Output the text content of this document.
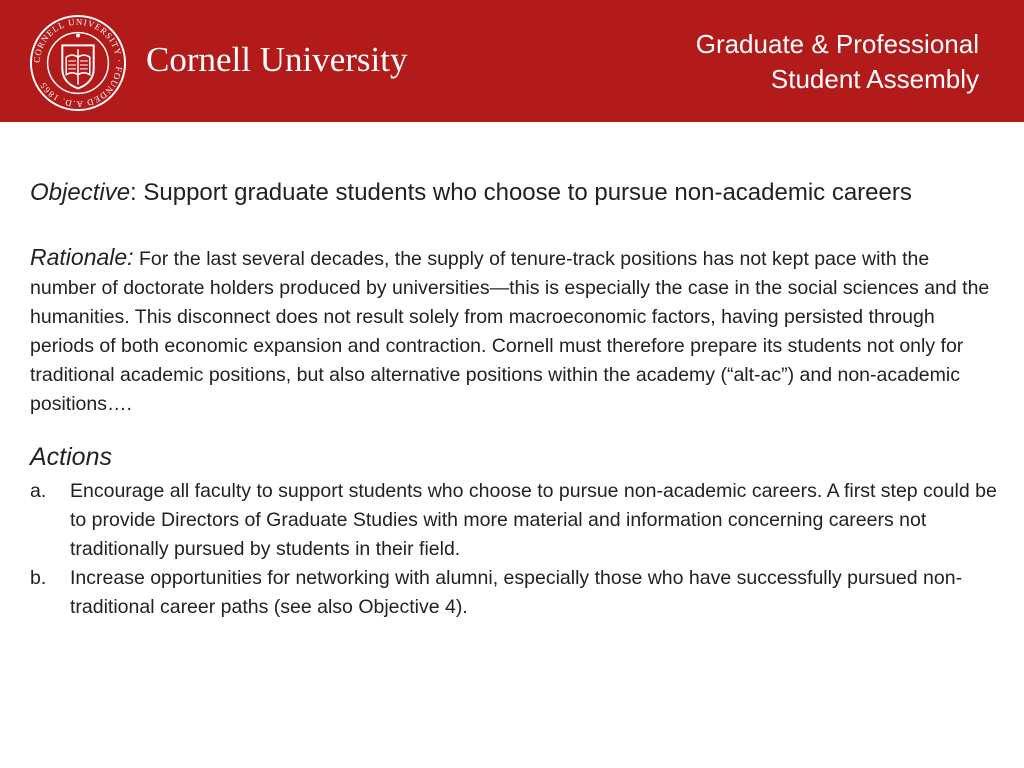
CORNELL UNIVERSITY · FOUNDED A.D. 1865
Cornell University	Graduate & Professional
Student Assembly

Objective: Support graduate students who choose to pursue non-academic careers

Rationale: For the last several decades, the supply of tenure-track positions has not kept pace with the number of doctorate holders produced by universities—this is especially the case in the social sciences and the humanities. This disconnect does not result solely from macroeconomic factors, having persisted through periods of both economic expansion and contraction. Cornell must therefore prepare its students not only for traditional academic positions, but also alternative positions within the academy (“alt-ac”) and non-academic positions….

Actions
a. Encourage all faculty to support students who choose to pursue non-academic careers. A first step could be to provide Directors of Graduate Studies with more material and information concerning careers not traditionally pursued by students in their field.
b. Increase opportunities for networking with alumni, especially those who have successfully pursued non-traditional career paths (see also Objective 4).
